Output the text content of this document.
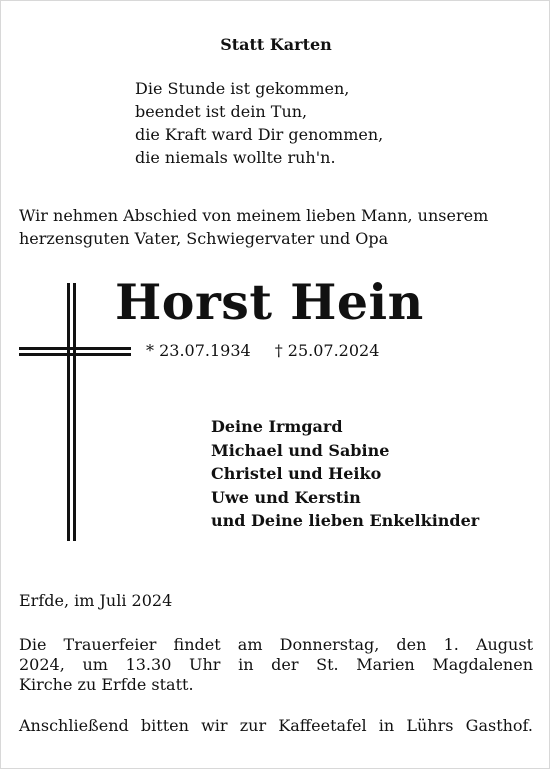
Statt Karten
Die Stunde ist gekommen,
beendet ist dein Tun,
die Kraft ward Dir genommen,
die niemals wollte ruh'n.
Wir nehmen Abschied von meinem lieben Mann, unserem
herzensguten Vater, Schwiegervater und Opa
Horst Hein
* 23.07.1934 † 25.07.2024
Deine Irmgard
Michael und Sabine
Christel und Heiko
Uwe und Kerstin
und Deine lieben Enkelkinder
Erfde, im Juli 2024
Die Trauerfeier findet am Donnerstag, den 1. August
2024, um 13.30 Uhr in der St. Marien Magdalenen
Kirche zu Erfde statt.
Anschließend bitten wir zur Kaffeetafel in Lührs Gasthof.
